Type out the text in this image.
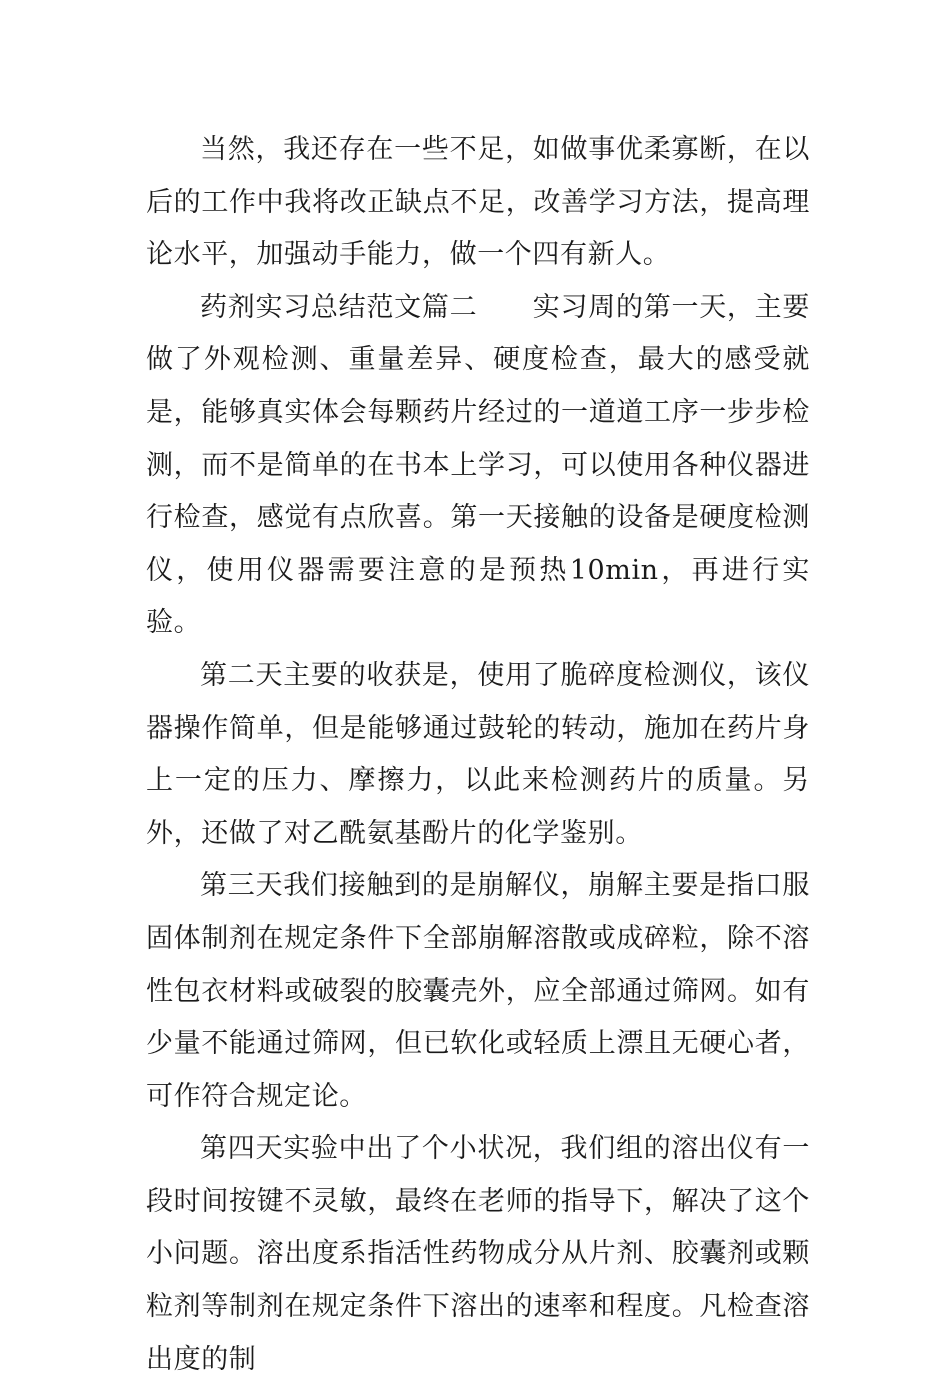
当然，我还存在一些不足，如做事优柔寡断，在以后的工作中我将改正缺点不足，改善学习方法，提高理论水平，加强动手能力，做一个四有新人。

药剂实习总结范文篇二　　实习周的第一天，主要做了外观检测、重量差异、硬度检查，最大的感受就是，能够真实体会每颗药片经过的一道道工序一步步检测，而不是简单的在书本上学习，可以使用各种仪器进行检查，感觉有点欣喜。第一天接触的设备是硬度检测仪，使用仪器需要注意的是预热10min，再进行实验。

第二天主要的收获是，使用了脆碎度检测仪，该仪器操作简单，但是能够通过鼓轮的转动，施加在药片身上一定的压力、摩擦力，以此来检测药片的质量。另外，还做了对乙酰氨基酚片的化学鉴别。

第三天我们接触到的是崩解仪，崩解主要是指口服固体制剂在规定条件下全部崩解溶散或成碎粒，除不溶性包衣材料或破裂的胶囊壳外，应全部通过筛网。如有少量不能通过筛网，但已软化或轻质上漂且无硬心者，可作符合规定论。

第四天实验中出了个小状况，我们组的溶出仪有一段时间按键不灵敏，最终在老师的指导下，解决了这个小问题。溶出度系指活性药物成分从片剂、胶囊剂或颗粒剂等制剂在规定条件下溶出的速率和程度。凡检查溶出度的制
